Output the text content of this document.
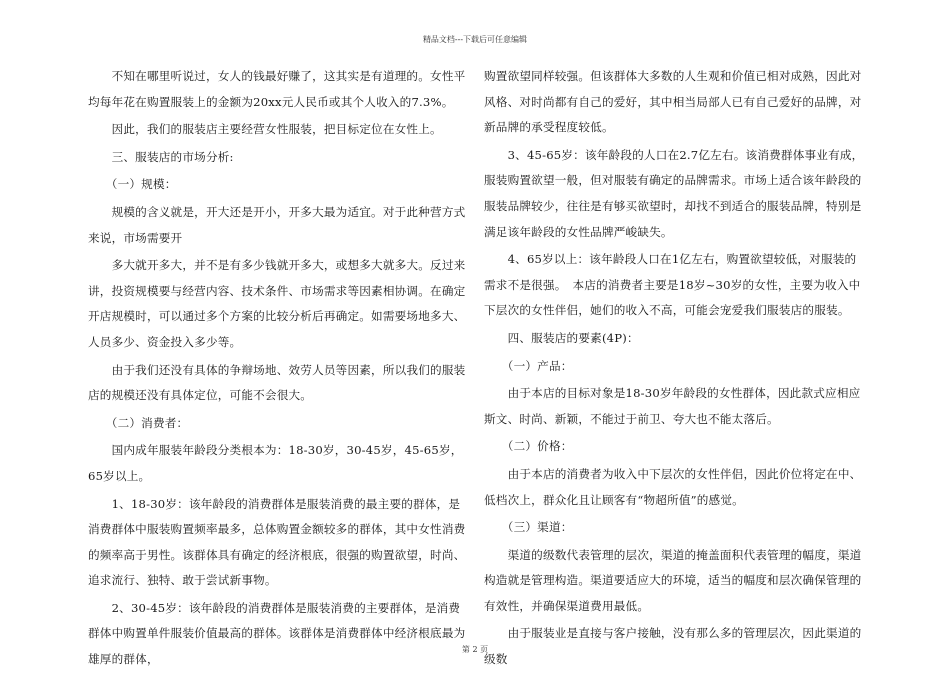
精品文档---下载后可任意编辑

　　不知在哪里听说过，女人的钱最好赚了，这其实是有道理的。女性平均每年花在购置服装上的金额为20xx元人民币或其个人收入的7.3%。

　　因此，我们的服装店主要经营女性服装，把目标定位在女性上。

　　三、服装店的市场分析:

　　（一）规模：

　　规模的含义就是，开大还是开小，开多大最为适宜。对于此种营方式来说，市场需要开

　　多大就开多大，并不是有多少钱就开多大，或想多大就多大。反过来讲，投资规模要与经营内容、技术条件、市场需求等因素相协调。在确定开店规模时，可以通过多个方案的比较分析后再确定。如需要场地多大、人员多少、资金投入多少等。

　　由于我们还没有具体的争辩场地、效劳人员等因素，所以我们的服装店的规模还没有具体定位，可能不会很大。

　　（二）消费者：

　　国内成年服装年龄段分类根本为：18-30岁，30-45岁，45-65岁，65岁以上。

　　1、18-30岁：该年龄段的消费群体是服装消费的最主要的群体，是消费群体中服装购置频率最多，总体购置金额较多的群体，其中女性消费的频率高于男性。该群体具有确定的经济根底，很强的购置欲望，时尚、追求流行、独特、敢于尝试新事物。

　　2、30-45岁：该年龄段的消费群体是服装消费的主要群体，是消费群体中购置单件服装价值最高的群体。该群体是消费群体中经济根底最为雄厚的群体，

购置欲望同样较强。但该群体大多数的人生观和价值已相对成熟，因此对风格、对时尚都有自己的爱好，其中相当局部人已有自己爱好的品牌，对新品牌的承受程度较低。

　　3、45-65岁：该年龄段的人口在2.7亿左右。该消费群体事业有成，服装购置欲望一般，但对服装有确定的品牌需求。市场上适合该年龄段的服装品牌较少，往往是有够买欲望时，却找不到适合的服装品牌，特别是满足该年龄段的女性品牌严峻缺失。

　　4、65岁以上：该年龄段人口在1亿左右，购置欲望较低，对服装的需求不是很强。　本店的消费者主要是18岁~30岁的女性，主要为收入中下层次的女性伴侣，她们的收入不高，可能会宠爱我们服装店的服装。

　　四、服装店的要素(4P)：

　　（一）产品：

　　由于本店的目标对象是18-30岁年龄段的女性群体，因此款式应相应斯文、时尚、新颖，不能过于前卫、夸大也不能太落后。

　　（二）价格：

　　由于本店的消费者为收入中下层次的女性伴侣，因此价位将定在中、低档次上，群众化且让顾客有“物超所值”的感觉。

　　（三）渠道：

　　渠道的级数代表管理的层次，渠道的掩盖面积代表管理的幅度，渠道构造就是管理构造。渠道要适应大的环境，适当的幅度和层次确保管理的有效性，并确保渠道费用最低。

　　由于服装业是直接与客户接触，没有那么多的管理层次，因此渠道的级数

第 2 页
